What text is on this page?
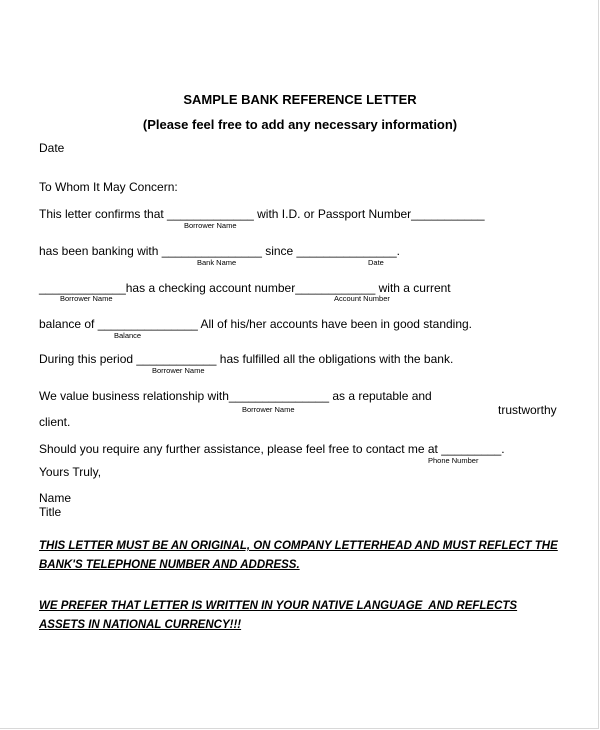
SAMPLE BANK REFERENCE LETTER
(Please feel free to add any necessary information)
Date
To Whom It May Concern:
This letter confirms that _____________ with I.D. or Passport Number___________
Borrower Name
has been banking with _______________ since _______________.
Bank Name	Date
_____________has a checking account number____________ with a current
Borrower Name	Account Number
balance of _______________ All of his/her accounts have been in good standing.
Balance
During this period ____________ has fulfilled all the obligations with the bank.
Borrower Name
We value business relationship with_______________ as a reputable and
trustworthy
Borrower Name
client.
Should you require any further assistance, please feel free to contact me at _________.
Phone Number
Yours Truly,
Name
Title
THIS LETTER MUST BE AN ORIGINAL, ON COMPANY LETTERHEAD AND MUST REFLECT THE
BANK'S TELEPHONE NUMBER AND ADDRESS.
WE PREFER THAT LETTER IS WRITTEN IN YOUR NATIVE LANGUAGE  AND REFLECTS
ASSETS IN NATIONAL CURRENCY!!!
